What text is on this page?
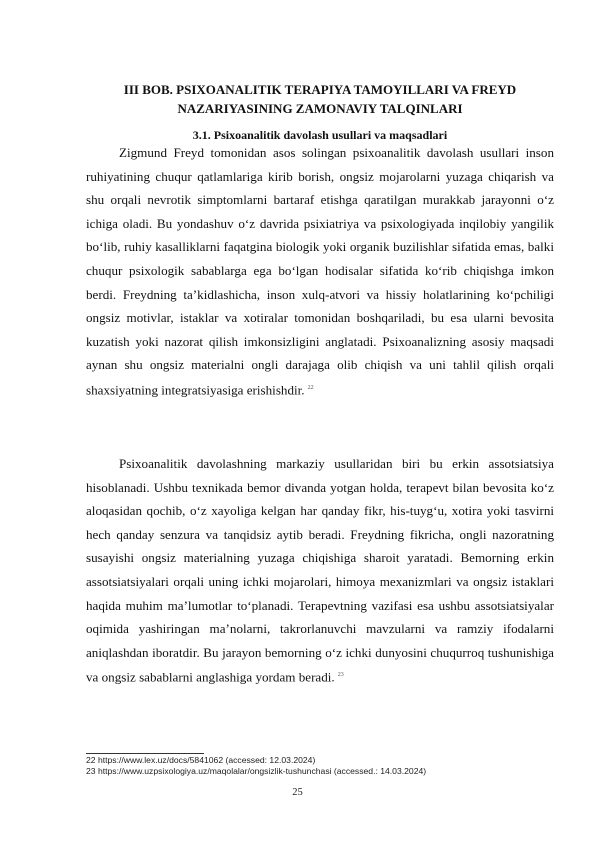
III BOB. PSIXOANALITIK TERAPIYA TAMOYILLARI VA FREYD
NAZARIYASINING ZAMONAVIY TALQINLARI
3.1. Psixoanalitik davolash usullari va maqsadlari

Zigmund Freyd tomonidan asos solingan psixoanalitik davolash usullari inson ruhiyatining chuqur qatlamlariga kirib borish, ongsiz mojarolarni yuzaga chiqarish va shu orqali nevrotik simptomlarni bartaraf etishga qaratilgan murakkab jarayonni o‘z ichiga oladi. Bu yondashuv o‘z davrida psixiatriya va psixologiyada inqilobiy yangilik bo‘lib, ruhiy kasalliklarni faqatgina biologik yoki organik buzilishlar sifatida emas, balki chuqur psixologik sabablarga ega bo‘lgan hodisalar sifatida ko‘rib chiqishga imkon berdi. Freydning taʼkidlashicha, inson xulq-atvori va hissiy holatlarining ko‘pchiligi ongsiz motivlar, istaklar va xotiralar tomonidan boshqariladi, bu esa ularni bevosita kuzatish yoki nazorat qilish imkonsizligini anglatadi. Psixoanalizning asosiy maqsadi aynan shu ongsiz materialni ongli darajaga olib chiqish va uni tahlil qilish orqali shaxsiyatning integratsiyasiga erishishdir. $^{22}$

Psixoanalitik davolashning markaziy usullaridan biri bu erkin assotsiatsiya hisoblanadi. Ushbu texnikada bemor divanda yotgan holda, terapevt bilan bevosita ko‘z aloqasidan qochib, o‘z xayoliga kelgan har qanday fikr, his-tuyg‘u, xotira yoki tasvirni hech qanday senzura va tanqidsiz aytib beradi. Freydning fikricha, ongli nazoratning susayishi ongsiz materialning yuzaga chiqishiga sharoit yaratadi. Bemorning erkin assotsiatsiyalari orqali uning ichki mojarolari, himoya mexanizmlari va ongsiz istaklari haqida muhim maʼlumotlar to‘planadi. Terapevtning vazifasi esa ushbu assotsiatsiyalar oqimida yashiringan maʼnolarni, takrorlanuvchi mavzularni va ramziy ifodalarni aniqlashdan iboratdir. Bu jarayon bemorning o‘z ichki dunyosini chuqurroq tushunishiga va ongsiz sabablarni anglashiga yordam beradi. $^{23}$

22 https://www.lex.uz/docs/5841062 (accessed: 12.03.2024)
23 https://www.uzpsixologiya.uz/maqolalar/ongsizlik-tushunchasi (accessed.: 14.03.2024)
25
